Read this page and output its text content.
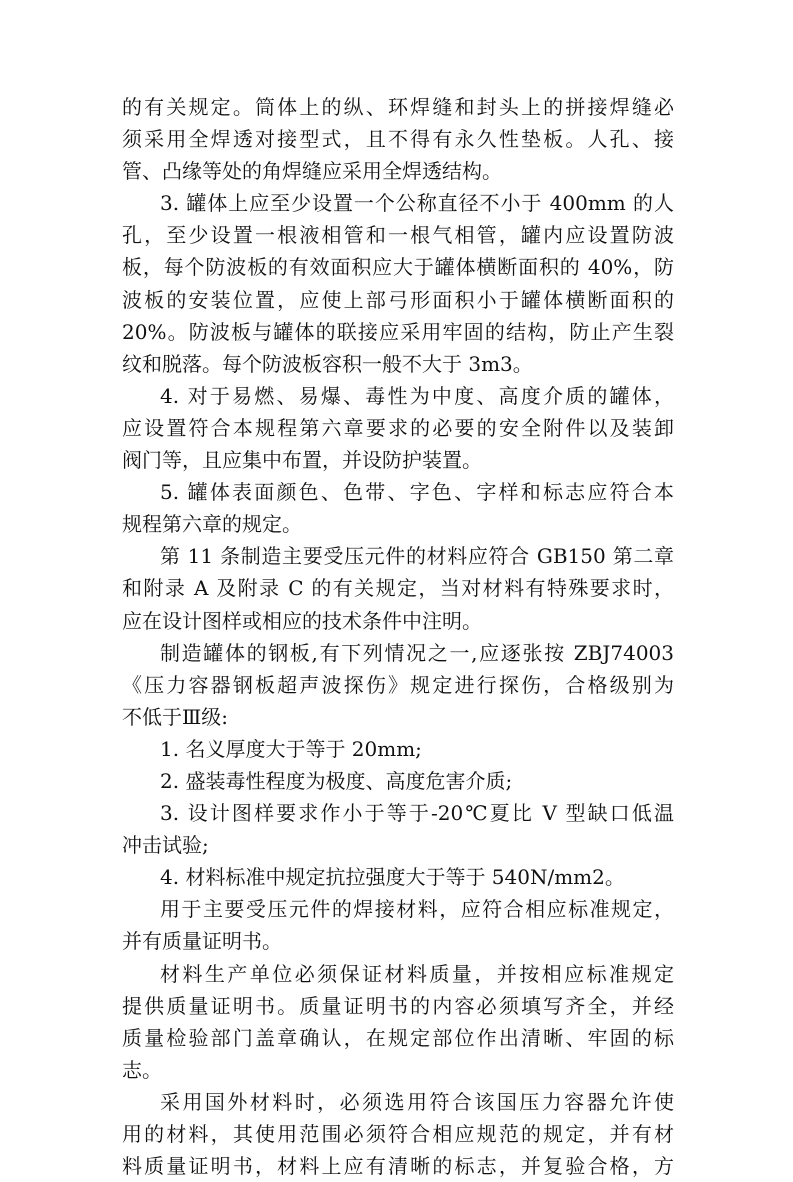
的有关规定。筒体上的纵、环焊缝和封头上的拼接焊缝必
须采用全焊透对接型式，且不得有永久性垫板。人孔、接
管、凸缘等处的角焊缝应采用全焊透结构。
3. 罐体上应至少设置一个公称直径不小于 400mm 的人
孔，至少设置一根液相管和一根气相管，罐内应设置防波
板，每个防波板的有效面积应大于罐体横断面积的 40%，防
波板的安装位置，应使上部弓形面积小于罐体横断面积的
20%。防波板与罐体的联接应采用牢固的结构，防止产生裂
纹和脱落。每个防波板容积一般不大于 3m3。
4. 对于易燃、易爆、毒性为中度、高度介质的罐体，
应设置符合本规程第六章要求的必要的安全附件以及装卸
阀门等，且应集中布置，并设防护装置。
5. 罐体表面颜色、色带、字色、字样和标志应符合本
规程第六章的规定。
第 11 条制造主要受压元件的材料应符合 GB150 第二章
和附录 A 及附录 C 的有关规定，当对材料有特殊要求时，
应在设计图样或相应的技术条件中注明。
制造罐体的钢板,有下列情况之一,应逐张按 ZBJ74003
《压力容器钢板超声波探伤》规定进行探伤，合格级别为
不低于Ⅲ级:
1. 名义厚度大于等于 20mm;
2. 盛装毒性程度为极度、高度危害介质;
3. 设计图样要求作小于等于-20℃夏比 V 型缺口低温
冲击试验;
4. 材料标准中规定抗拉强度大于等于 540N/mm2。
用于主要受压元件的焊接材料，应符合相应标准规定，
并有质量证明书。
材料生产单位必须保证材料质量，并按相应标准规定
提供质量证明书。质量证明书的内容必须填写齐全，并经
质量检验部门盖章确认，在规定部位作出清晰、牢固的标
志。
采用国外材料时，必须选用符合该国压力容器允许使
用的材料，其使用范围必须符合相应规范的规定，并有材
料质量证明书，材料上应有清晰的标志，并复验合格，方
